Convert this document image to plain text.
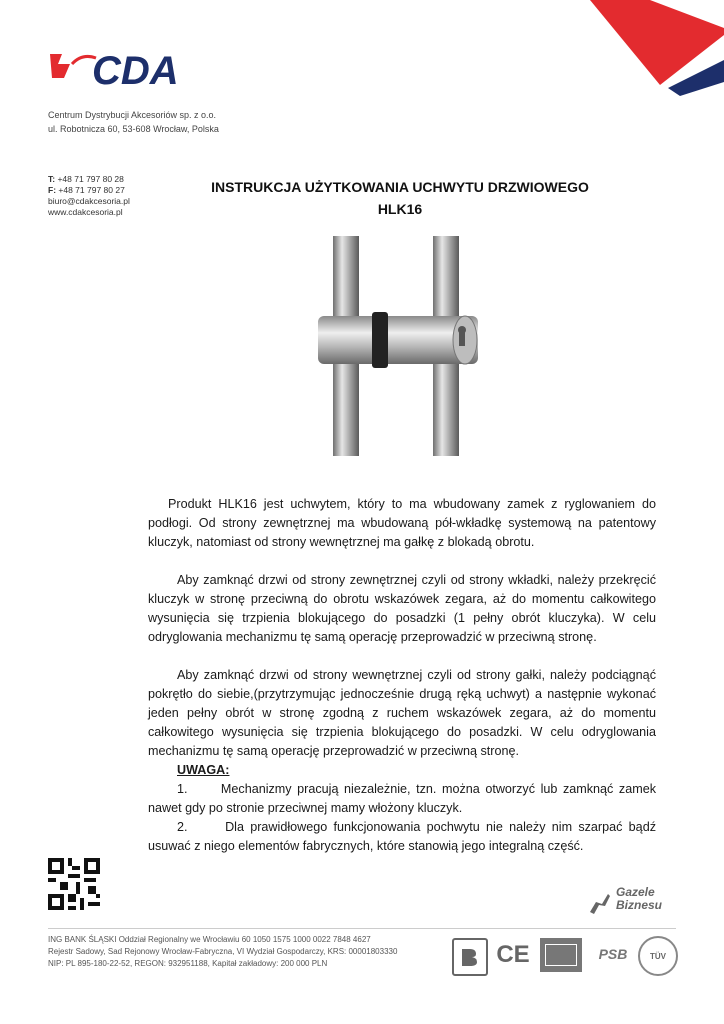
CDA
Centrum Dystrybucji Akcesoriów sp. z o.o.
ul. Robotnicza 60, 53-608 Wrocław, Polska
T: +48 71 797 80 28
F: +48 71 797 80 27
biuro@cdakcesoria.pl
www.cdakcesoria.pl
INSTRUKCJA UŻYTKOWANIA UCHWYTU DRZWIOWEGO
HLK16

Produkt HLK16 jest uchwytem, który to ma wbudowany zamek z ryglowaniem do podłogi. Od strony zewnętrznej ma wbudowaną pół-wkładkę systemową na patentowy kluczyk, natomiast od strony wewnętrznej ma gałkę z blokadą obrotu.

Aby zamknąć drzwi od strony zewnętrznej czyli od strony wkładki, należy przekręcić kluczyk w stronę przeciwną do obrotu wskazówek zegara, aż do momentu całkowitego wysunięcia się trzpienia blokującego do posadzki (1 pełny obrót kluczyka). W celu odryglowania mechanizmu tę samą operację przeprowadzić w przeciwną stronę.

Aby zamknąć drzwi od strony wewnętrznej czyli od strony gałki, należy podciągnąć pokrętło do siebie,(przytrzymując jednocześnie drugą ręką uchwyt) a następnie wykonać jeden pełny obrót w stronę zgodną z ruchem wskazówek zegara, aż do momentu całkowitego wysunięcia się trzpienia blokującego do posadzki. W celu odryglowania mechanizmu tę samą operację przeprowadzić w przeciwną stronę.

UWAGA:

1.	Mechanizmy pracują niezależnie, tzn. można otworzyć lub zamknąć zamek nawet gdy po stronie przeciwnej mamy włożony kluczyk.

2.	Dla prawidłowego funkcjonowania pochwytu nie należy nim szarpać bądź usuwać z niego elementów fabrycznych, które stanowią jego integralną część.

Gazele
Biznesu
ING BANK ŚLĄSKI Oddział Regionalny we Wrocławiu 60 1050 1575 1000 0022 7848 4627
Rejestr Sadowy, Sad Rejonowy Wrocław-Fabryczna, VI Wydział Gospodarczy, KRS: 00001803330
NIP: PL 895-180-22-52, REGON: 932951188, Kapitał zakładowy: 200 000 PLN	CE	PSB	TÜV
